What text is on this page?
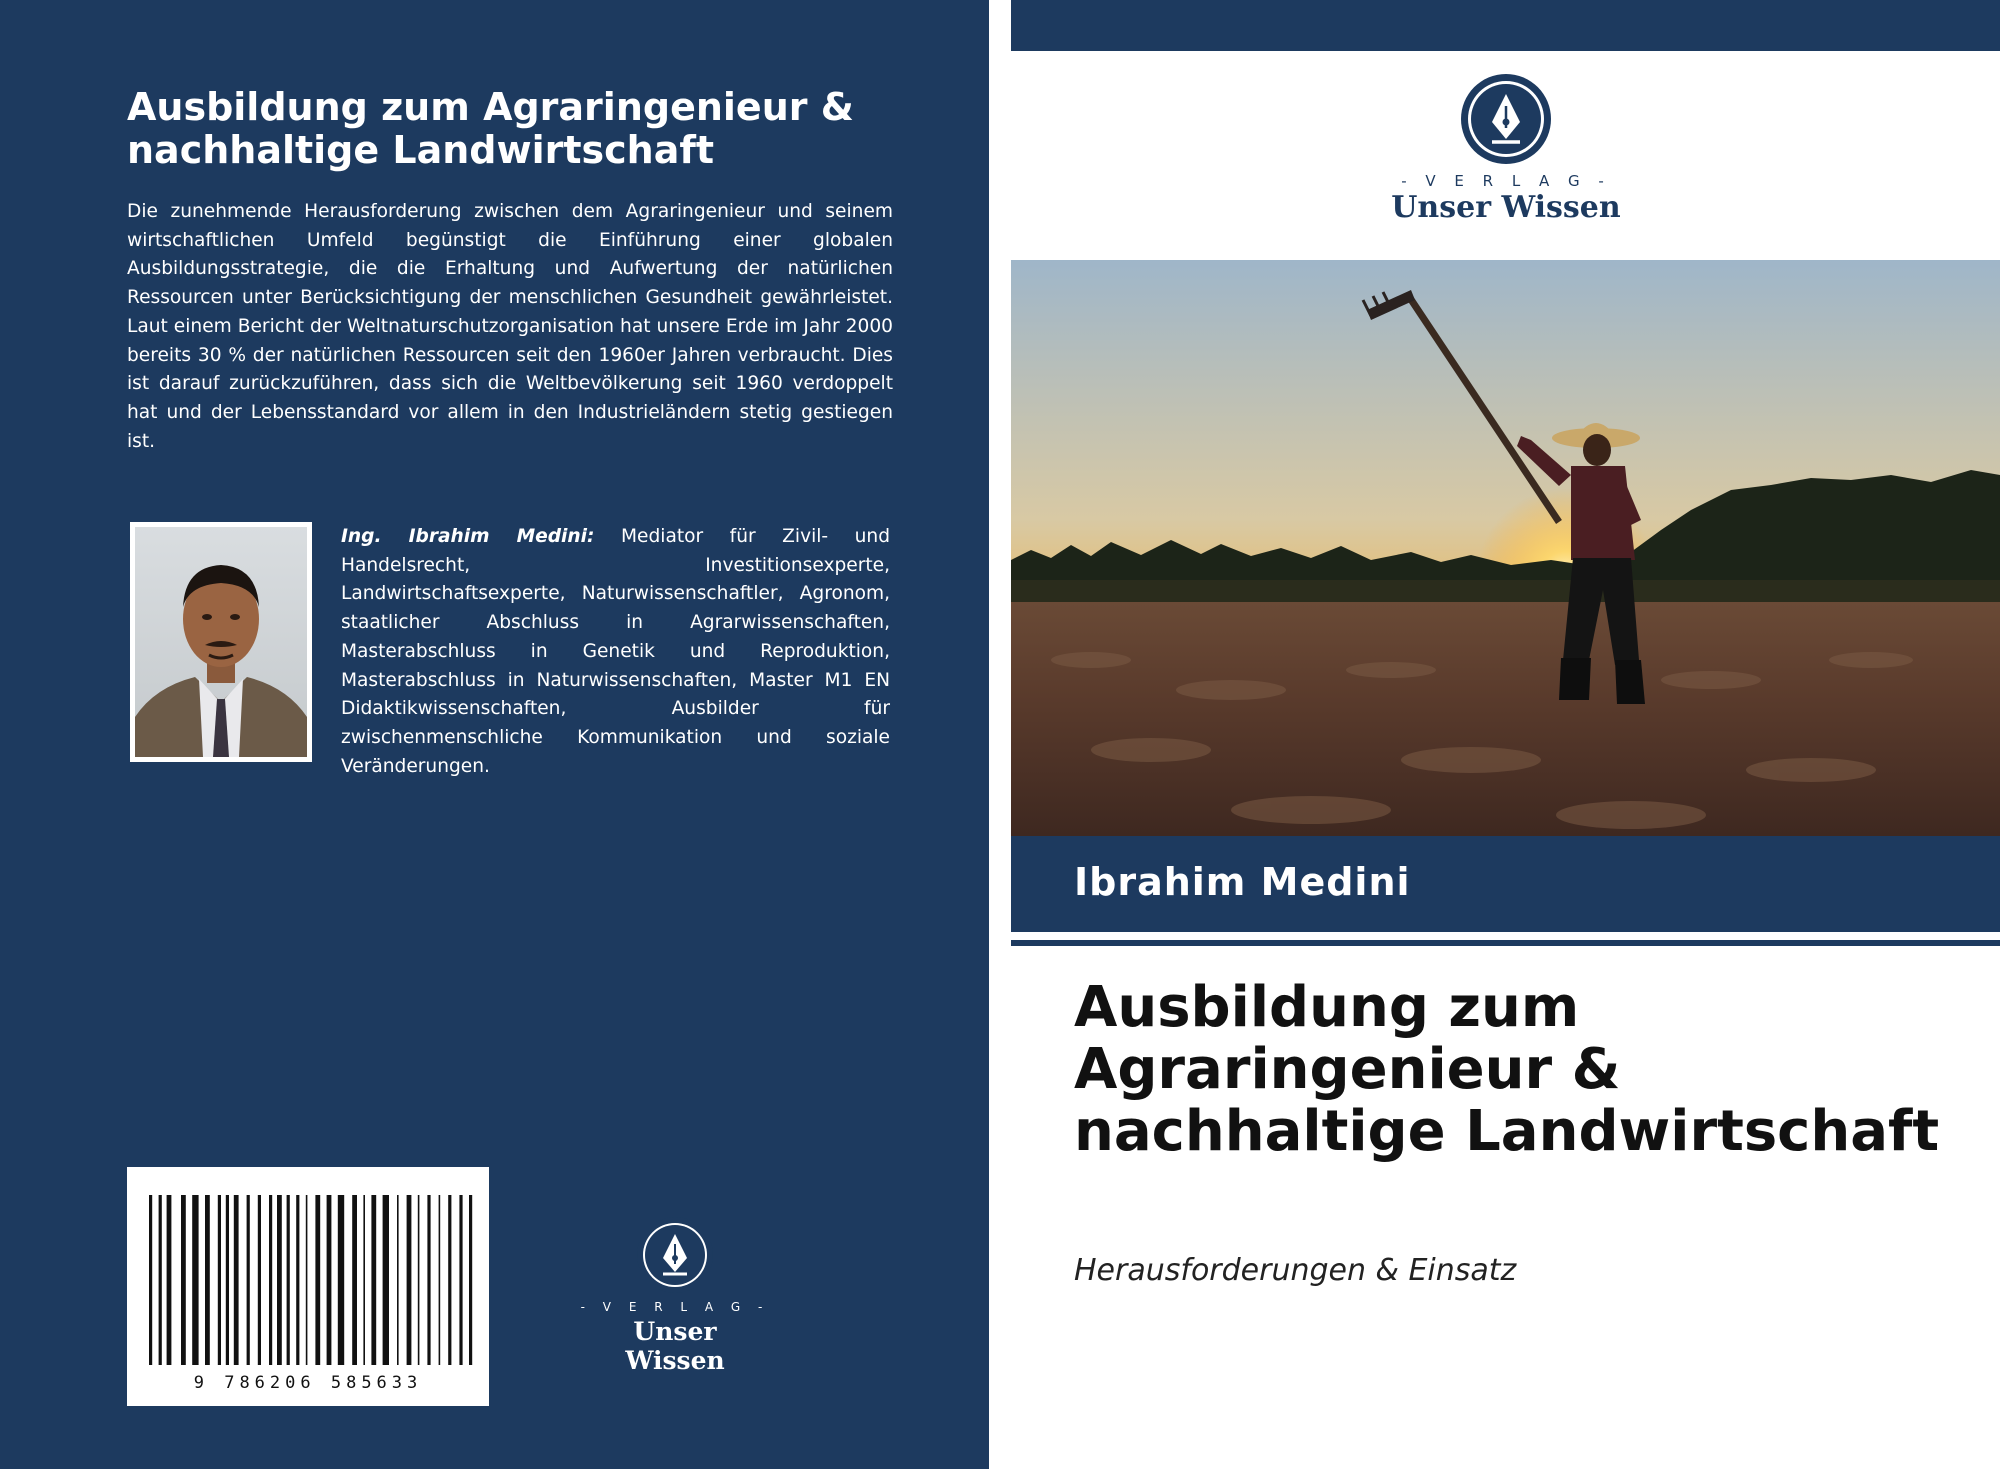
Ausbildung zum Agraringenieur & nachhaltige Landwirtschaft
Die zunehmende Herausforderung zwischen dem Agraringenieur und seinem wirtschaftlichen Umfeld begünstigt die Einführung einer globalen Ausbildungsstrategie, die die Erhaltung und Aufwertung der natürlichen Ressourcen unter Berücksichtigung der menschlichen Gesundheit gewährleistet. Laut einem Bericht der Weltnaturschutzorganisation hat unsere Erde im Jahr 2000 bereits 30 % der natürlichen Ressourcen seit den 1960er Jahren verbraucht. Dies ist darauf zurückzuführen, dass sich die Weltbevölkerung seit 1960 verdoppelt hat und der Lebensstandard vor allem in den Industrieländern stetig gestiegen ist.
Ing. Ibrahim Medini: Mediator für Zivil- und Handelsrecht, Investitionsexperte, Landwirtschaftsexperte, Naturwissenschaftler, Agronom, staatlicher Abschluss in Agrarwissenschaften, Masterabschluss in Genetik und Reproduktion, Masterabschluss in Naturwissenschaften, Master M1 EN Didaktikwissenschaften, Ausbilder für zwischenmenschliche Kommunikation und soziale Veränderungen.
9 786206 585633
- V E R L A G -
Unser Wissen
- V E R L A G -
Unser Wissen
Ibrahim Medini
Ausbildung zum Agraringenieur & nachhaltige Landwirtschaft
Herausforderungen & Einsatz
